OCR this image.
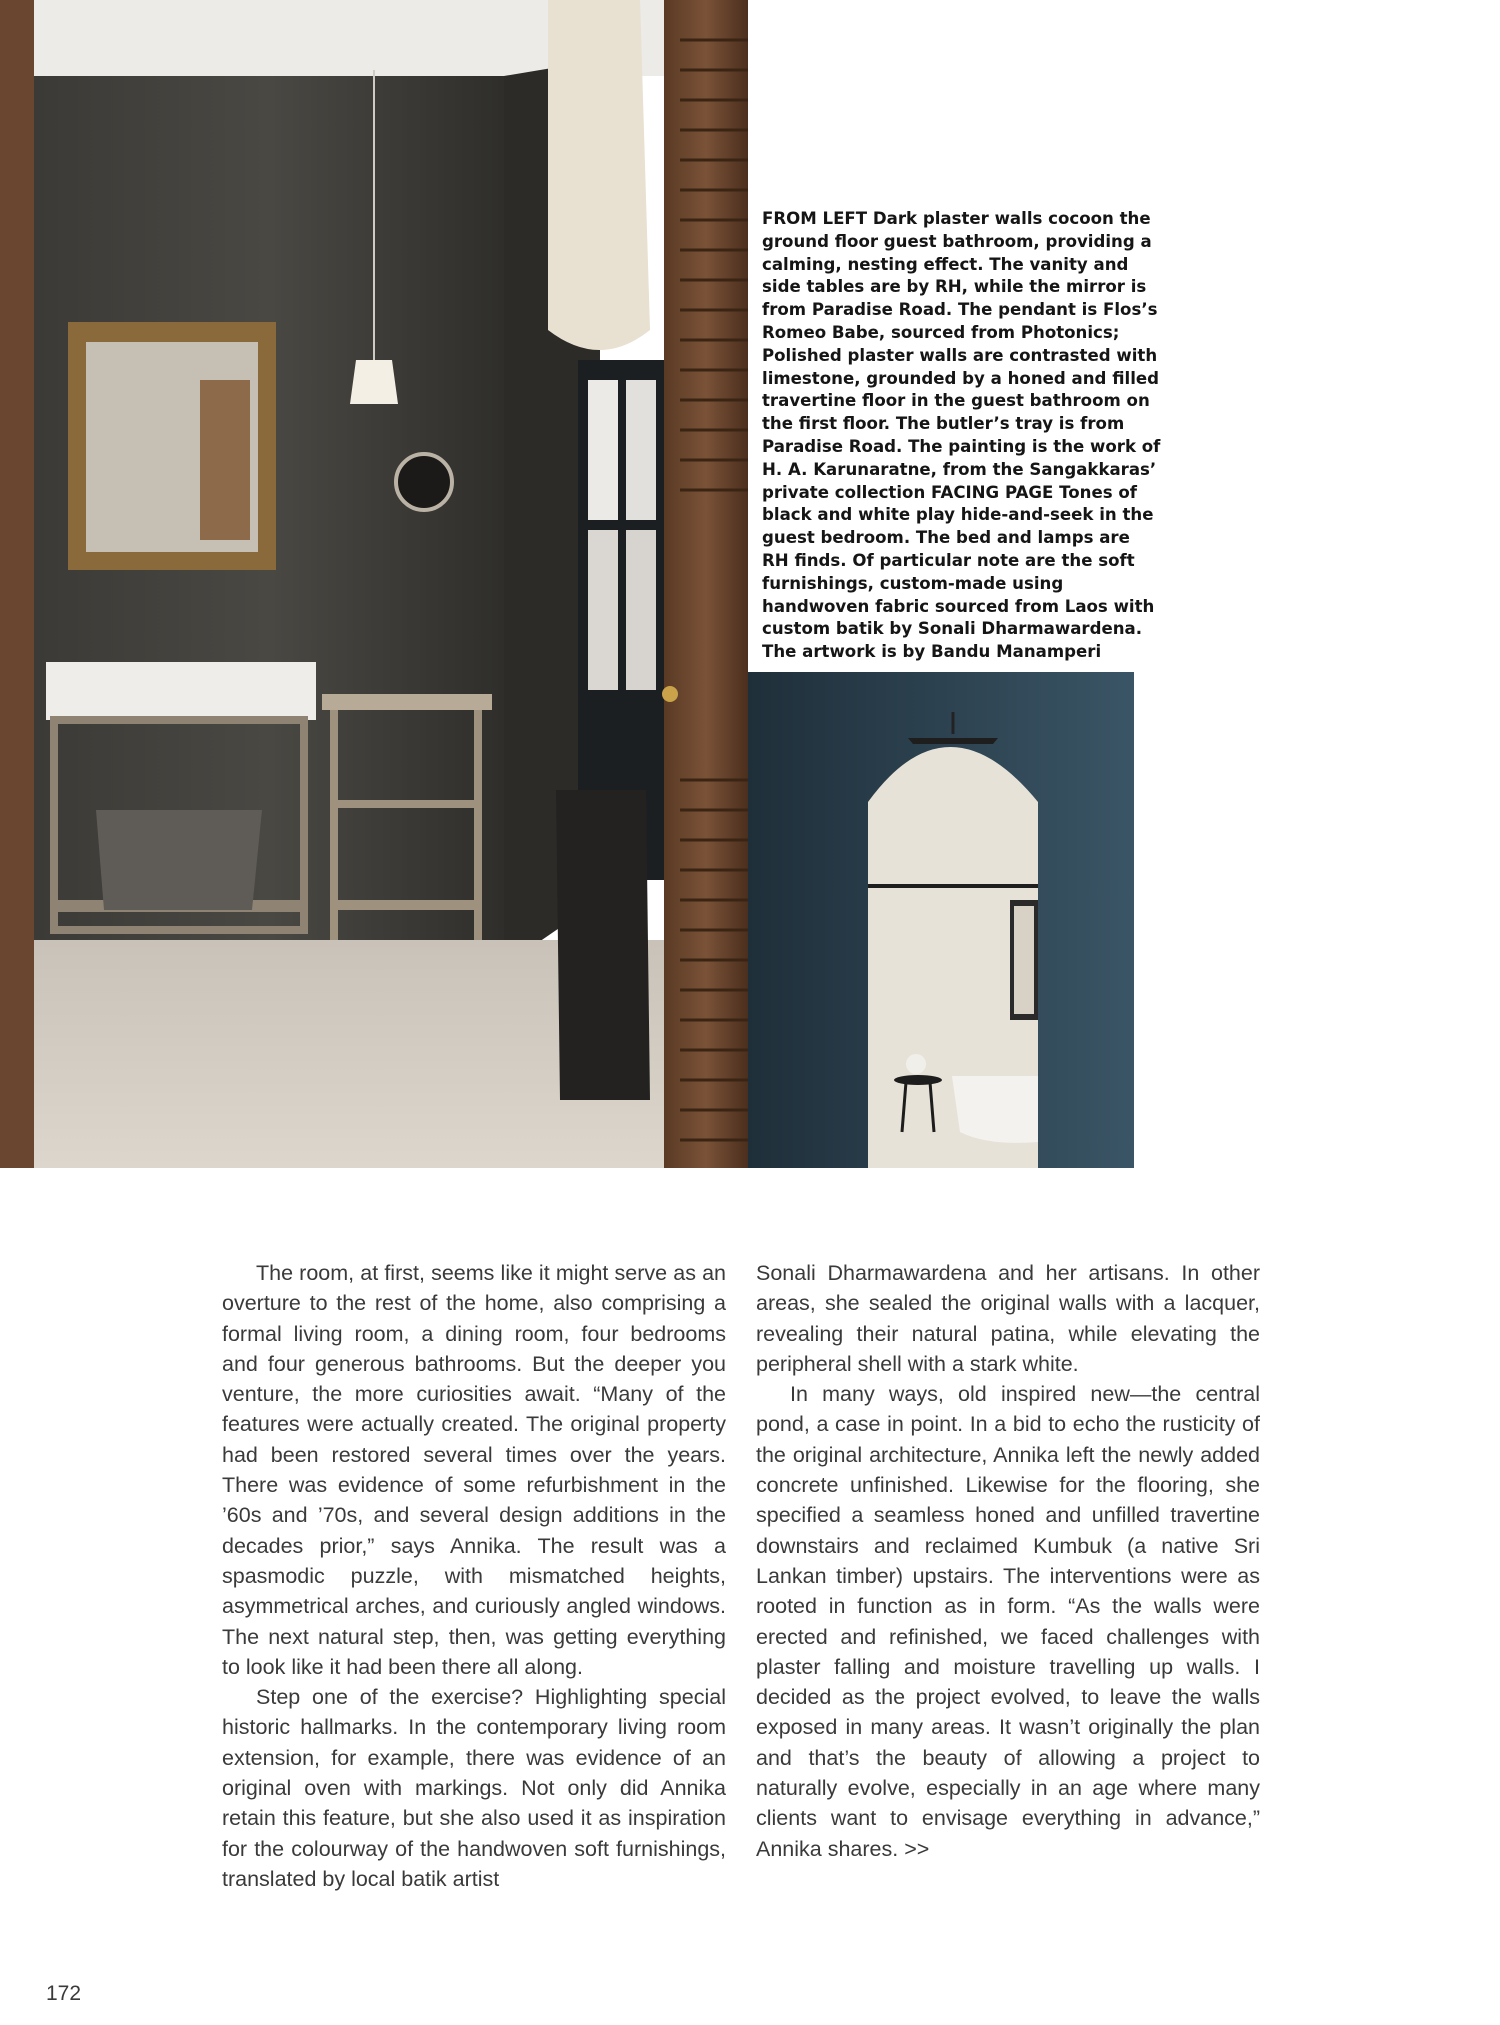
FROM LEFT Dark plaster walls cocoon the ground floor guest bathroom, providing a calming, nesting effect. The vanity and side tables are by RH, while the mirror is from Paradise Road. The pendant is Flos’s Romeo Babe, sourced from Photonics; Polished plaster walls are contrasted with limestone, grounded by a honed and filled travertine floor in the guest bathroom on the first floor. The butler’s tray is from Paradise Road. The painting is the work of H. A. Karunaratne, from the Sangakkaras’ private collection FACING PAGE Tones of black and white play hide-and-seek in the guest bedroom. The bed and lamps are RH finds. Of particular note are the soft furnishings, custom-made using handwoven fabric sourced from Laos with custom batik by Sonali Dharmawardena. The artwork is by Bandu Manamperi

The room, at first, seems like it might serve as an overture to the rest of the home, also comprising a formal living room, a dining room, four bedrooms and four generous bathrooms. But the deeper you venture, the more curiosities await. “Many of the features were actually created. The original property had been restored several times over the years. There was evidence of some refurbishment in the ’60s and ’70s, and several design additions in the decades prior,” says Annika. The result was a spasmodic puzzle, with mismatched heights, asymmetrical arches, and curiously angled windows. The next natural step, then, was getting everything to look like it had been there all along.

Step one of the exercise? Highlighting special historic hallmarks. In the contemporary living room extension, for example, there was evidence of an original oven with markings. Not only did Annika retain this feature, but she also used it as inspiration for the colourway of the handwoven soft furnishings, translated by local batik artist

Sonali Dharmawardena and her artisans. In other areas, she sealed the original walls with a lacquer, revealing their natural patina, while elevating the peripheral shell with a stark white.

In many ways, old inspired new—the central pond, a case in point. In a bid to echo the rusticity of the original architecture, Annika left the newly added concrete unfinished. Likewise for the flooring, she specified a seamless honed and unfilled travertine downstairs and reclaimed Kumbuk (a native Sri Lankan timber) upstairs. The interventions were as rooted in function as in form. “As the walls were erected and refinished, we faced challenges with plaster falling and moisture travelling up walls. I decided as the project evolved, to leave the walls exposed in many areas. It wasn’t originally the plan and that’s the beauty of allowing a project to naturally evolve, especially in an age where many clients want to envisage everything in advance,” Annika shares. >>

172
